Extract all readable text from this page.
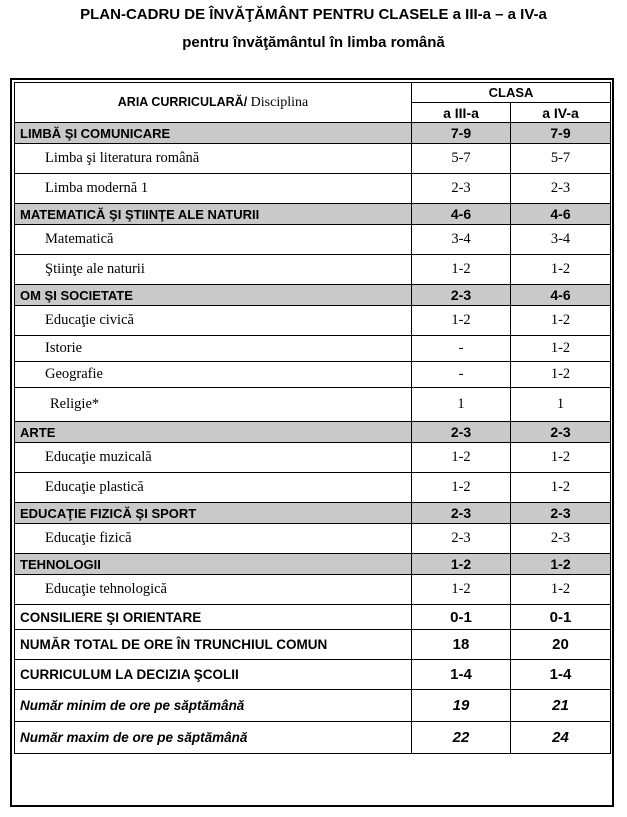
PLAN-CADRU DE ÎNVĂŢĂMÂNT PENTRU CLASELE a III-a – a IV-a
pentru învăţământul în limba română
ARIA CURRICULARĂ/ Disciplina	CLASA	
	a III-a	a IV-a
LIMBĂ ŞI COMUNICARE	7-9	7-9
Limba şi literatura română	5-7	5-7
Limba modernă 1	2-3	2-3
MATEMATICĂ ŞI ŞTIINŢE ALE NATURII	4-6	4-6
Matematică	3-4	3-4
Ştiinţe ale naturii	1-2	1-2
OM ŞI SOCIETATE	2-3	4-6
Educaţie civică	1-2	1-2
Istorie	-	1-2
Geografie	-	1-2
Religie*	1	1
ARTE	2-3	2-3
Educaţie muzicală	1-2	1-2
Educaţie plastică	1-2	1-2
EDUCAŢIE FIZICĂ ŞI SPORT	2-3	2-3
Educaţie fizică	2-3	2-3
TEHNOLOGII	1-2	1-2
Educaţie tehnologică	1-2	1-2
CONSILIERE ŞI ORIENTARE	0-1	0-1
NUMĂR TOTAL DE ORE ÎN TRUNCHIUL COMUN	18	20
CURRICULUM LA DECIZIA ŞCOLII	1-4	1-4
Număr minim de ore pe săptămână	19	21
Număr maxim de ore pe săptămână	22	24
